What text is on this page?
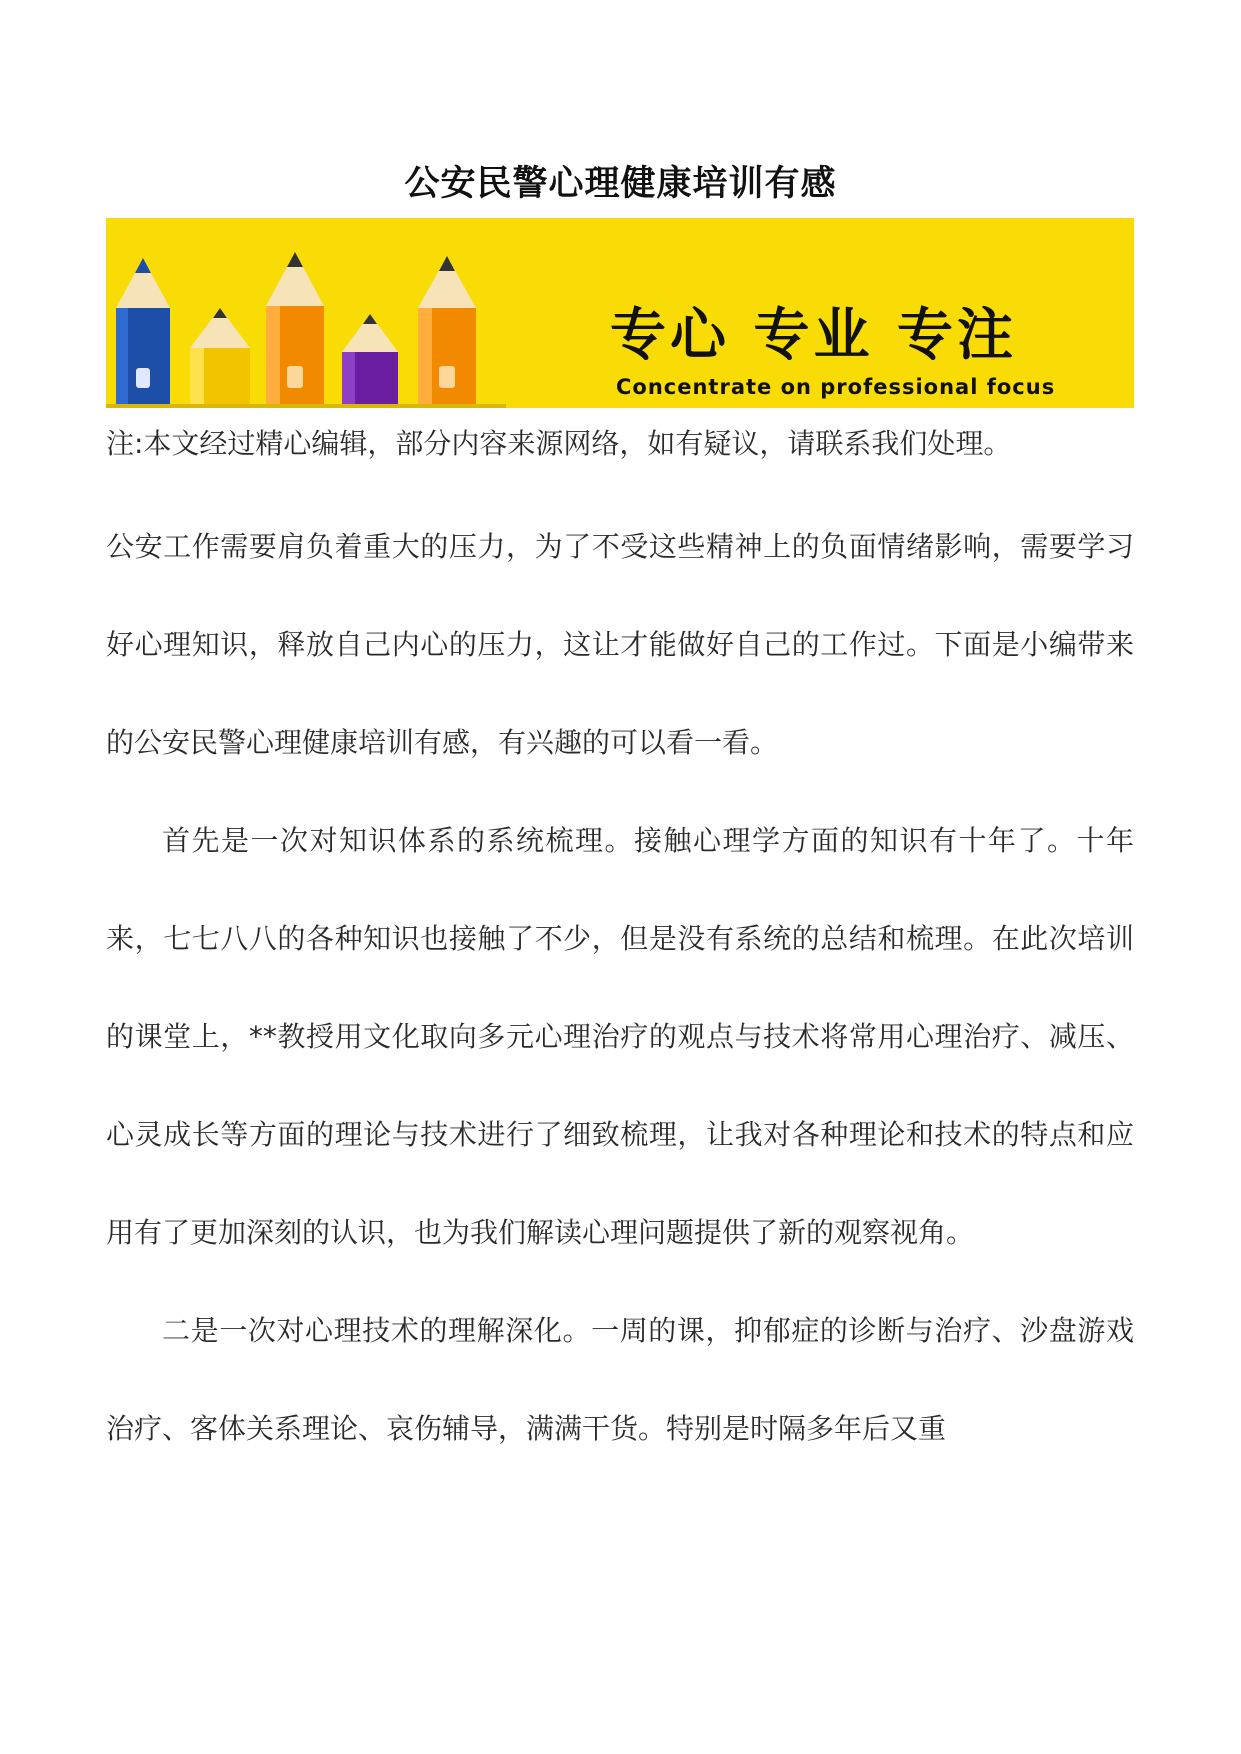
公安民警心理健康培训有感
专心 专业 专注
Concentrate on professional focus

注:本文经过精心编辑，部分内容来源网络，如有疑议，请联系我们处理。

公安工作需要肩负着重大的压力，为了不受这些精神上的负面情绪影响，需要学习好心理知识，释放自己内心的压力，这让才能做好自己的工作过。下面是小编带来的公安民警心理健康培训有感，有兴趣的可以看一看。

首先是一次对知识体系的系统梳理。接触心理学方面的知识有十年了。十年来，七七八八的各种知识也接触了不少，但是没有系统的总结和梳理。在此次培训的课堂上，**教授用文化取向多元心理治疗的观点与技术将常用心理治疗、减压、心灵成长等方面的理论与技术进行了细致梳理，让我对各种理论和技术的特点和应用有了更加深刻的认识，也为我们解读心理问题提供了新的观察视角。

二是一次对心理技术的理解深化。一周的课，抑郁症的诊断与治疗、沙盘游戏治疗、客体关系理论、哀伤辅导，满满干货。特别是时隔多年后又重
